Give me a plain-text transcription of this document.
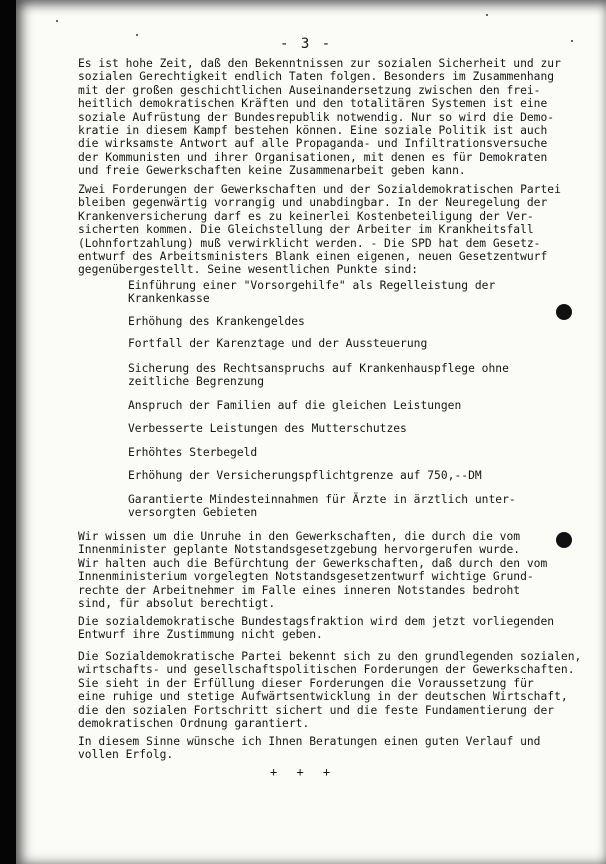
- 3 -
Es ist hohe Zeit, daß den Bekenntnissen zur sozialen Sicherheit und zur
sozialen Gerechtigkeit endlich Taten folgen. Besonders im Zusammenhang
mit der großen geschichtlichen Auseinandersetzung zwischen den frei-
heitlich demokratischen Kräften und den totalitären Systemen ist eine
soziale Aufrüstung der Bundesrepublik notwendig. Nur so wird die Demo-
kratie in diesem Kampf bestehen können. Eine soziale Politik ist auch
die wirksamste Antwort auf alle Propaganda- und Infiltrationsversuche
der Kommunisten und ihrer Organisationen, mit denen es für Demokraten
und freie Gewerkschaften keine Zusammenarbeit geben kann.
Zwei Forderungen der Gewerkschaften und der Sozialdemokratischen Partei
bleiben gegenwärtig vorrangig und unabdingbar. In der Neuregelung der
Krankenversicherung darf es zu keinerlei Kostenbeteiligung der Ver-
sicherten kommen. Die Gleichstellung der Arbeiter im Krankheitsfall
(Lohnfortzahlung) muß verwirklicht werden. - Die SPD hat dem Gesetz-
entwurf des Arbeitsministers Blank einen eigenen, neuen Gesetzentwurf
gegenübergestellt. Seine wesentlichen Punkte sind:
Einführung einer "Vorsorgehilfe" als Regelleistung der
Krankenkasse
Erhöhung des Krankengeldes
Fortfall der Karenztage und der Aussteuerung
Sicherung des Rechtsanspruchs auf Krankenhauspflege ohne
zeitliche Begrenzung
Anspruch der Familien auf die gleichen Leistungen
Verbesserte Leistungen des Mutterschutzes
Erhöhtes Sterbegeld
Erhöhung der Versicherungspflichtgrenze auf 750,--DM
Garantierte Mindesteinnahmen für Ärzte in ärztlich unter-
versorgten Gebieten
Wir wissen um die Unruhe in den Gewerkschaften, die durch die vom
Innenminister geplante Notstandsgesetzgebung hervorgerufen wurde.
Wir halten auch die Befürchtung der Gewerkschaften, daß durch den vom
Innenministerium vorgelegten Notstandsgesetzentwurf wichtige Grund-
rechte der Arbeitnehmer im Falle eines inneren Notstandes bedroht
sind, für absolut berechtigt.
Die sozialdemokratische Bundestagsfraktion wird dem jetzt vorliegenden
Entwurf ihre Zustimmung nicht geben.
Die Sozialdemokratische Partei bekennt sich zu den grundlegenden sozialen,
wirtschafts- und gesellschaftspolitischen Forderungen der Gewerkschaften.
Sie sieht in der Erfüllung dieser Forderungen die Voraussetzung für
eine ruhige und stetige Aufwärtsentwicklung in der deutschen Wirtschaft,
die den sozialen Fortschritt sichert und die feste Fundamentierung der
demokratischen Ordnung garantiert.
In diesem Sinne wünsche ich Ihnen Beratungen einen guten Verlauf und
vollen Erfolg.
+ + +
